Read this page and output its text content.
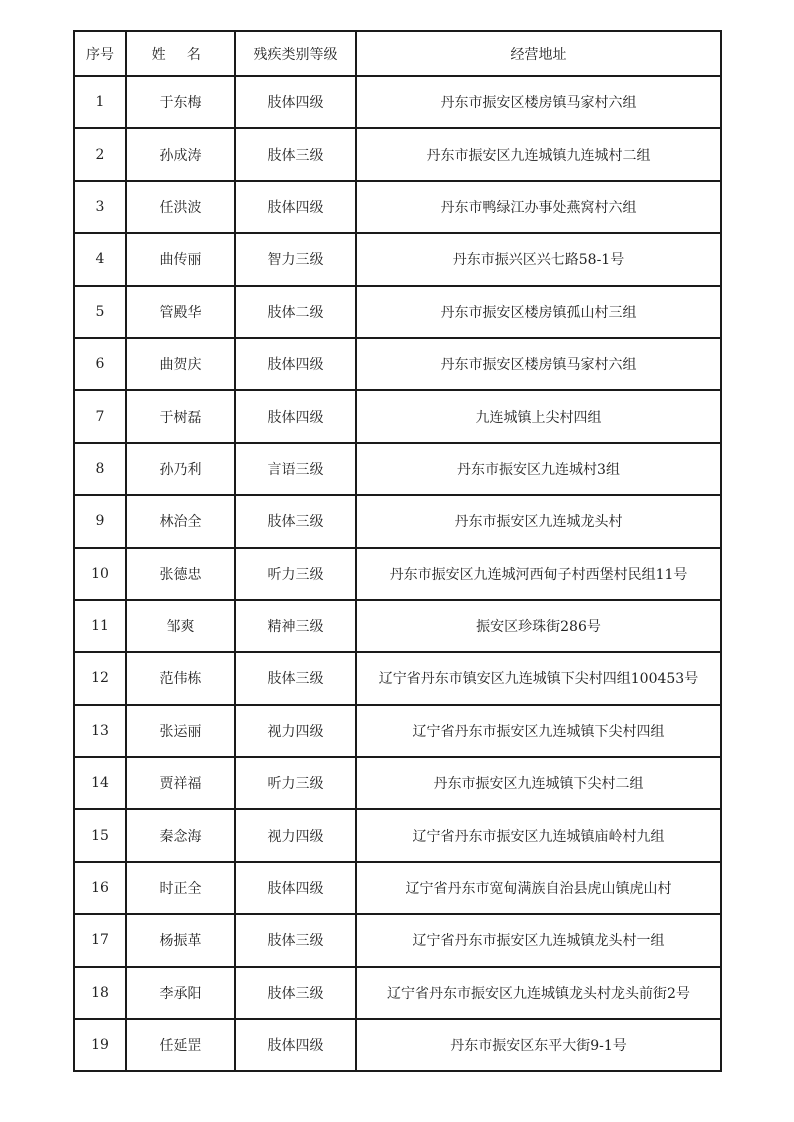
序号	姓 名	残疾类别等级	经营地址
1	于东梅	肢体四级	丹东市振安区楼房镇马家村六组
2	孙成涛	肢体三级	丹东市振安区九连城镇九连城村二组
3	任洪波	肢体四级	丹东市鸭绿江办事处燕窝村六组
4	曲传丽	智力三级	丹东市振兴区兴七路58-1号
5	管殿华	肢体二级	丹东市振安区楼房镇孤山村三组
6	曲贺庆	肢体四级	丹东市振安区楼房镇马家村六组
7	于树磊	肢体四级	九连城镇上尖村四组
8	孙乃利	言语三级	丹东市振安区九连城村3组
9	林治全	肢体三级	丹东市振安区九连城龙头村
10	张德忠	听力三级	丹东市振安区九连城河西甸子村西堡村民组11号
11	邹爽	精神三级	振安区珍珠街286号
12	范伟栋	肢体三级	辽宁省丹东市镇安区九连城镇下尖村四组100453号
13	张运丽	视力四级	辽宁省丹东市振安区九连城镇下尖村四组
14	贾祥福	听力三级	丹东市振安区九连城镇下尖村二组
15	秦念海	视力四级	辽宁省丹东市振安区九连城镇庙岭村九组
16	时正全	肢体四级	辽宁省丹东市宽甸满族自治县虎山镇虎山村
17	杨振革	肢体三级	辽宁省丹东市振安区九连城镇龙头村一组
18	李承阳	肢体三级	辽宁省丹东市振安区九连城镇龙头村龙头前街2号
19	任延罡	肢体四级	丹东市振安区东平大街9-1号
